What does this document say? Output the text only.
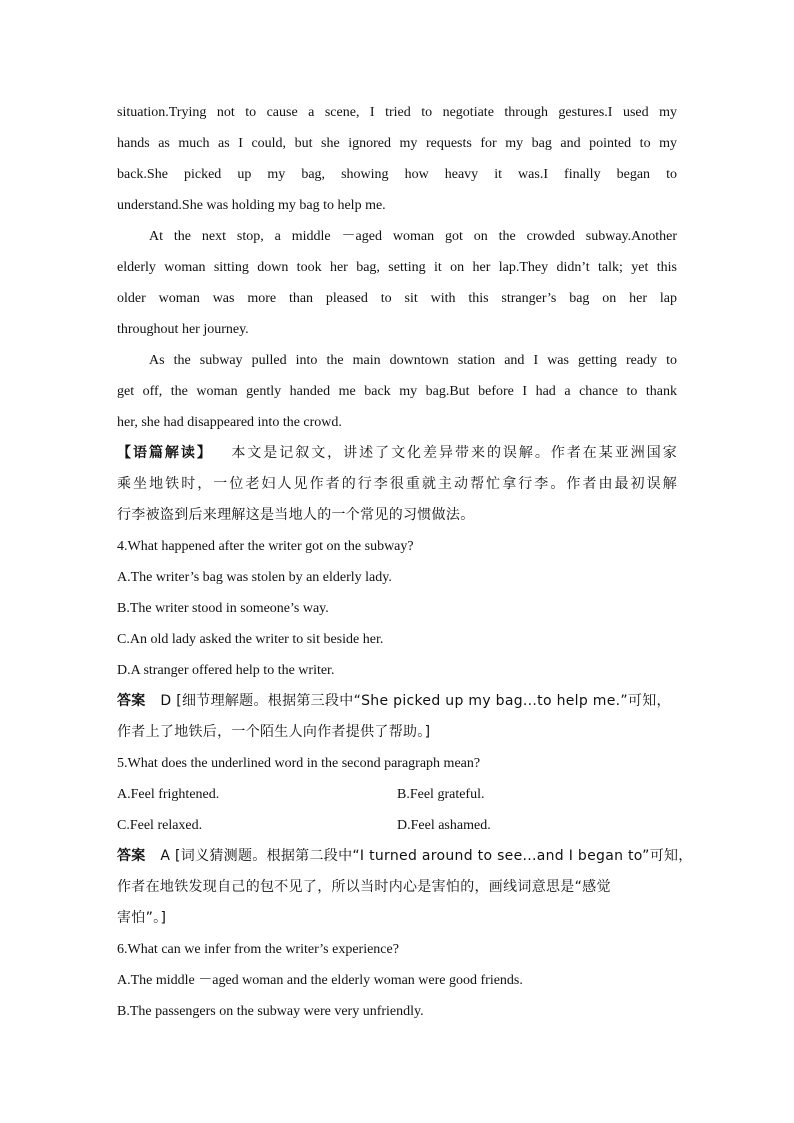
situation.Trying not to cause a scene, I tried to negotiate through gestures.I used my
hands as much as I could, but she ignored my requests for my bag and pointed to my
back.She picked up my bag, showing how heavy it was.I finally began to
understand.She was holding my bag to help me.
At the next stop, a middle －aged woman got on the crowded subway.Another
elderly woman sitting down took her bag, setting it on her lap.They didn’t talk; yet this
older woman was more than pleased to sit with this stranger’s bag on her lap
throughout her journey.
As the subway pulled into the main downtown station and I was getting ready to
get off, the woman gently handed me back my bag.But before I had a chance to thank
her, she had disappeared into the crowd.
【语篇解读】 本文是记叙文，讲述了文化差异带来的误解。作者在某亚洲国家
乘坐地铁时，一位老妇人见作者的行李很重就主动帮忙拿行李。作者由最初误解
行李被盗到后来理解这是当地人的一个常见的习惯做法。
4.What happened after the writer got on the subway?
A.The writer’s bag was stolen by an elderly lady.
B.The writer stood in someone’s way.
C.An old lady asked the writer to sit beside her.
D.A stranger offered help to the writer.
答案 D [细节理解题。根据第三段中“She picked up my bag...to help me.”可知，
作者上了地铁后，一个陌生人向作者提供了帮助。]
5.What does the underlined word in the second paragraph mean?
A.Feel frightened.	B.Feel grateful.
C.Feel relaxed.	D.Feel ashamed.
答案 A [词义猜测题。根据第二段中“I turned around to see...and I began to”可知，
作者在地铁发现自己的包不见了，所以当时内心是害怕的，画线词意思是“感觉
害怕”。]
6.What can we infer from the writer’s experience?
A.The middle －aged woman and the elderly woman were good friends.
B.The passengers on the subway were very unfriendly.
